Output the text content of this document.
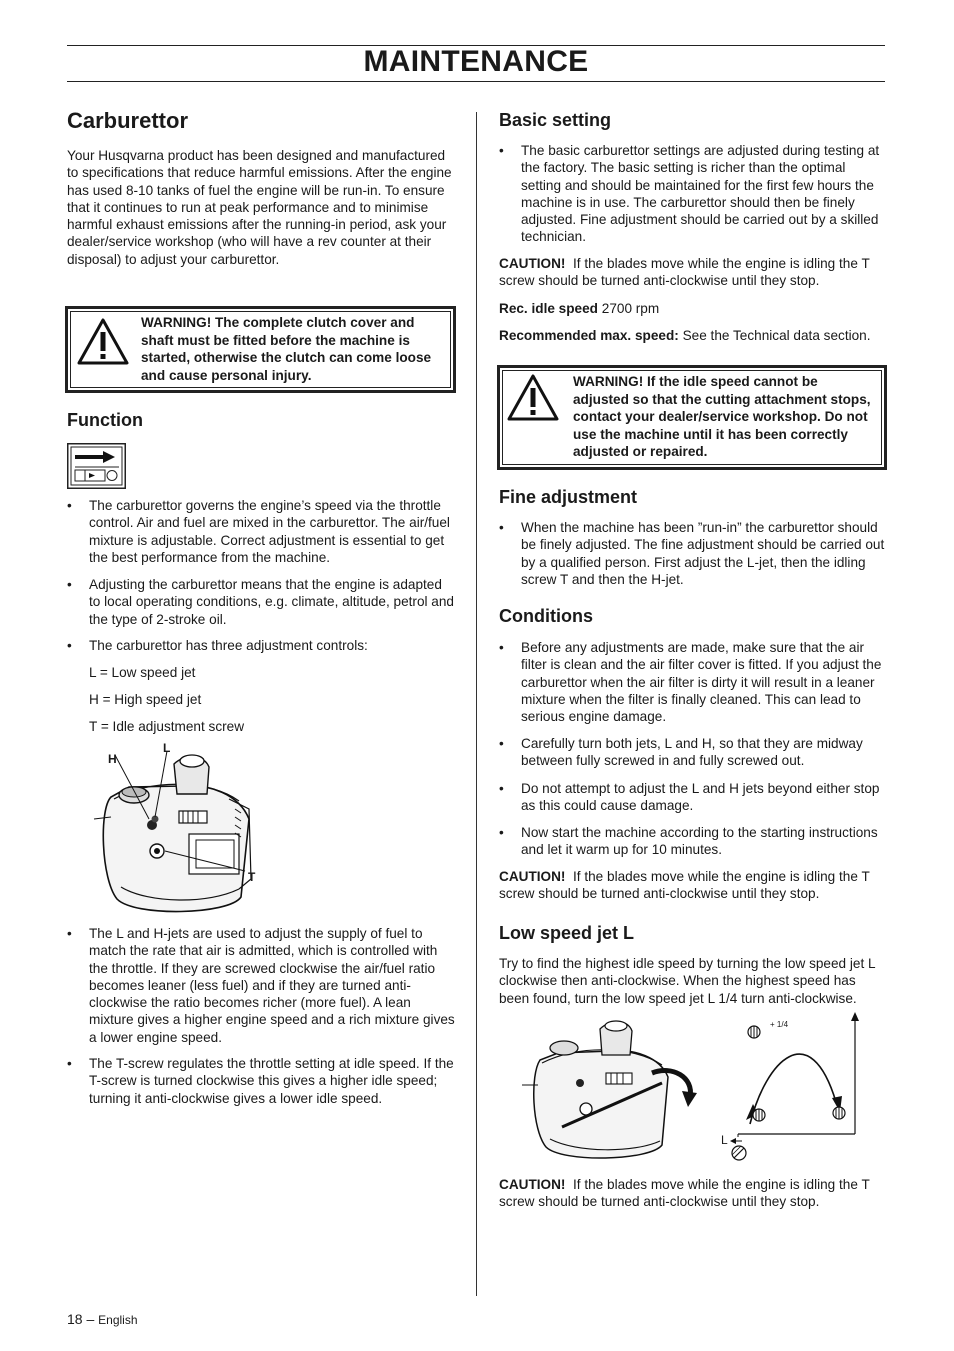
MAINTENANCE
Carburettor

Your Husqvarna product has been designed and manufactured to specifications that reduce harmful emissions. After the engine has used 8-10 tanks of fuel the engine will be run-in. To ensure that it continues to run at peak performance and to minimise harmful exhaust emissions after the running-in period, ask your dealer/service workshop (who will have a rev counter at their disposal) to adjust your carburettor.

WARNING! The complete clutch cover and shaft must be fitted before the machine is started, otherwise the clutch can come loose and cause personal injury.
Function
• The carburettor governs the engine’s speed via the throttle control. Air and fuel are mixed in the carburettor. The air/fuel mixture is adjustable. Correct adjustment is essential to get the best performance from the machine.
• Adjusting the carburettor means that the engine is adapted to local operating conditions, e.g. climate, altitude, petrol and the type of 2-stroke oil.
• The carburettor has three adjustment controls:
L = Low speed jet
H = High speed jet
T = Idle adjustment screw
H
L
T
• The L and H-jets are used to adjust the supply of fuel to match the rate that air is admitted, which is controlled with the throttle. If they are screwed clockwise the air/fuel ratio becomes leaner (less fuel) and if they are turned anti-clockwise the ratio becomes richer (more fuel). A lean mixture gives a higher engine speed and a rich mixture gives a lower engine speed.
• The T-screw regulates the throttle setting at idle speed. If the T-screw is turned clockwise this gives a higher idle speed; turning it anti-clockwise gives a lower idle speed.
Basic setting
• The basic carburettor settings are adjusted during testing at the factory. The basic setting is richer than the optimal setting and should be maintained for the first few hours the machine is in use. The carburettor should then be finely adjusted. Fine adjustment should be carried out by a skilled technician.

CAUTION! If the blades move while the engine is idling the T screw should be turned anti-clockwise until they stop.

Rec. idle speed 2700 rpm

Recommended max. speed: See the Technical data section.

WARNING! If the idle speed cannot be adjusted so that the cutting attachment stops, contact your dealer/service workshop. Do not use the machine until it has been correctly adjusted or repaired.
Fine adjustment
• When the machine has been ”run-in” the carburettor should be finely adjusted. The fine adjustment should be carried out by a qualified person. First adjust the L-jet, then the idling screw T and then the H-jet.
Conditions
• Before any adjustments are made, make sure that the air filter is clean and the air filter cover is fitted. If you adjust the carburettor when the air filter is dirty it will result in a leaner mixture when the filter is finally cleaned. This can lead to serious engine damage.
• Carefully turn both jets, L and H, so that they are midway between fully screwed in and fully screwed out.
• Do not attempt to adjust the L and H jets beyond either stop as this could cause damage.
• Now start the machine according to the starting instructions and let it warm up for 10 minutes.

CAUTION! If the blades move while the engine is idling the T screw should be turned anti-clockwise until they stop.

Low speed jet L

Try to find the highest idle speed by turning the low speed jet L clockwise then anti-clockwise. When the highest speed has been found, turn the low speed jet L 1/4 turn anti-clockwise.

+ 1/4
L

CAUTION! If the blades move while the engine is idling the T screw should be turned anti-clockwise until they stop.

18 – English
